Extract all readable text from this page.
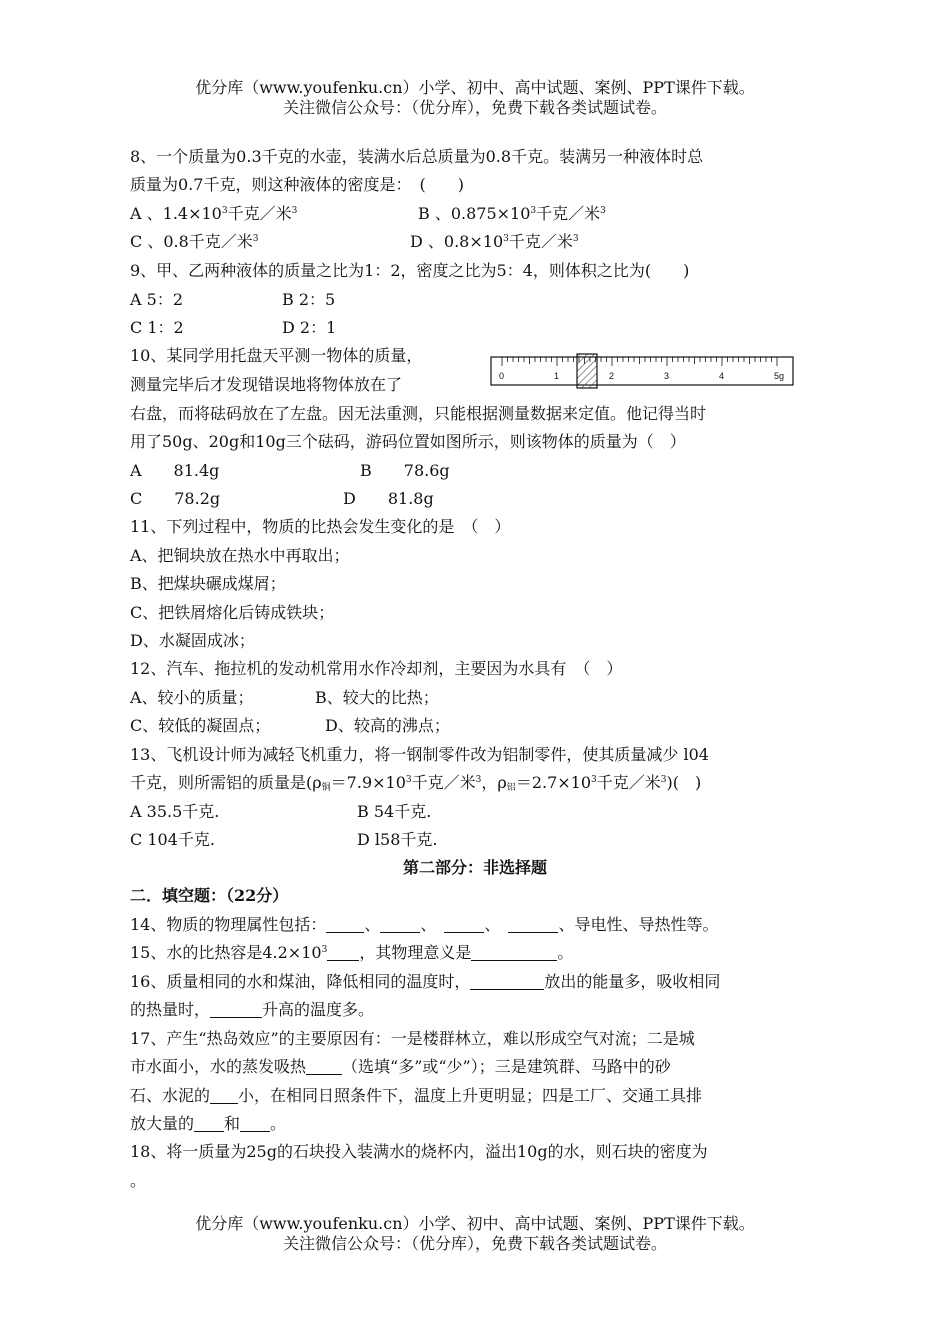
优分库（www.youfenku.cn）小学、初中、高中试题、案例、PPT课件下载。
关注微信公众号：（优分库），免费下载各类试题试卷。
8、一个质量为0.3千克的水壶，装满水后总质量为0.8千克。装满另一种液体时总
质量为0.7千克，则这种液体的密度是：　(　　)
A 、$1.4\times 10^3$千克／米$^3$	B 、$0.875\times 10^3$千克／米$^3$
C 、0.8千克／米$^3$	D 、$0.8\times 10^3$千克／米$^3$
9、甲、乙两种液体的质量之比为1：2，密度之比为5：4，则体积之比为(　　)
A 5：2	B 2：5
C 1：2	D 2：1
10、某同学用托盘天平测一物体的质量，
测量完毕后才发现错误地将物体放在了	0	1	2	3	4	5g
右盘，而将砝码放在了左盘。因无法重测，只能根据测量数据来定值。他记得当时
用了50g、20g和10g三个砝码，游码位置如图所示，则该物体的质量为（　）
A　　81.4g	B　　78.6g
C　　78.2g	D　　81.8g
11、下列过程中，物质的比热会发生变化的是　（　）
A、把铜块放在热水中再取出；
B、把煤块碾成煤屑；
C、把铁屑熔化后铸成铁块；
D、水凝固成冰；
12、汽车、拖拉机的发动机常用水作冷却剂，主要因为水具有　（　）
A、较小的质量；	B、较大的比热；
C、较低的凝固点；	D、较高的沸点；
13、飞机设计师为减轻飞机重力，将一钢制零件改为铝制零件，使其质量减少 l04
千克，则所需铝的质量是($\rho_铜=7.9\times 10^3$千克／米$^3$，$\rho_铝=2.7\times 10^3$千克／米$^3$)(　)
A 35.5千克.	B 54千克.
C 104千克.	D l58千克.
第二部分：非选择题
二．填空题：（22分）
14、物质的物理属性包括： 、	、　	、　	、导电性、导热性等。
15、水的比热容是$4.2\times 10^3$ ，其物理意义是	。
16、质量相同的水和煤油，降低相同的温度时，	放出的能量多，吸收相同
的热量时，	升高的温度多。
17、产生“热岛效应”的主要原因有：一是楼群林立，难以形成空气对流；二是城
市水面小，水的蒸发吸热 （选填“多”或“少”）；三是建筑群、马路中的砂
石、水泥的 小，在相同日照条件下，温度上升更明显；四是工厂、交通工具排
放大量的 和 。
18、将一质量为25g的石块投入装满水的烧杯内，溢出10g的水，则石块的密度为
。
优分库（www.youfenku.cn）小学、初中、高中试题、案例、PPT课件下载。
关注微信公众号：（优分库），免费下载各类试题试卷。
